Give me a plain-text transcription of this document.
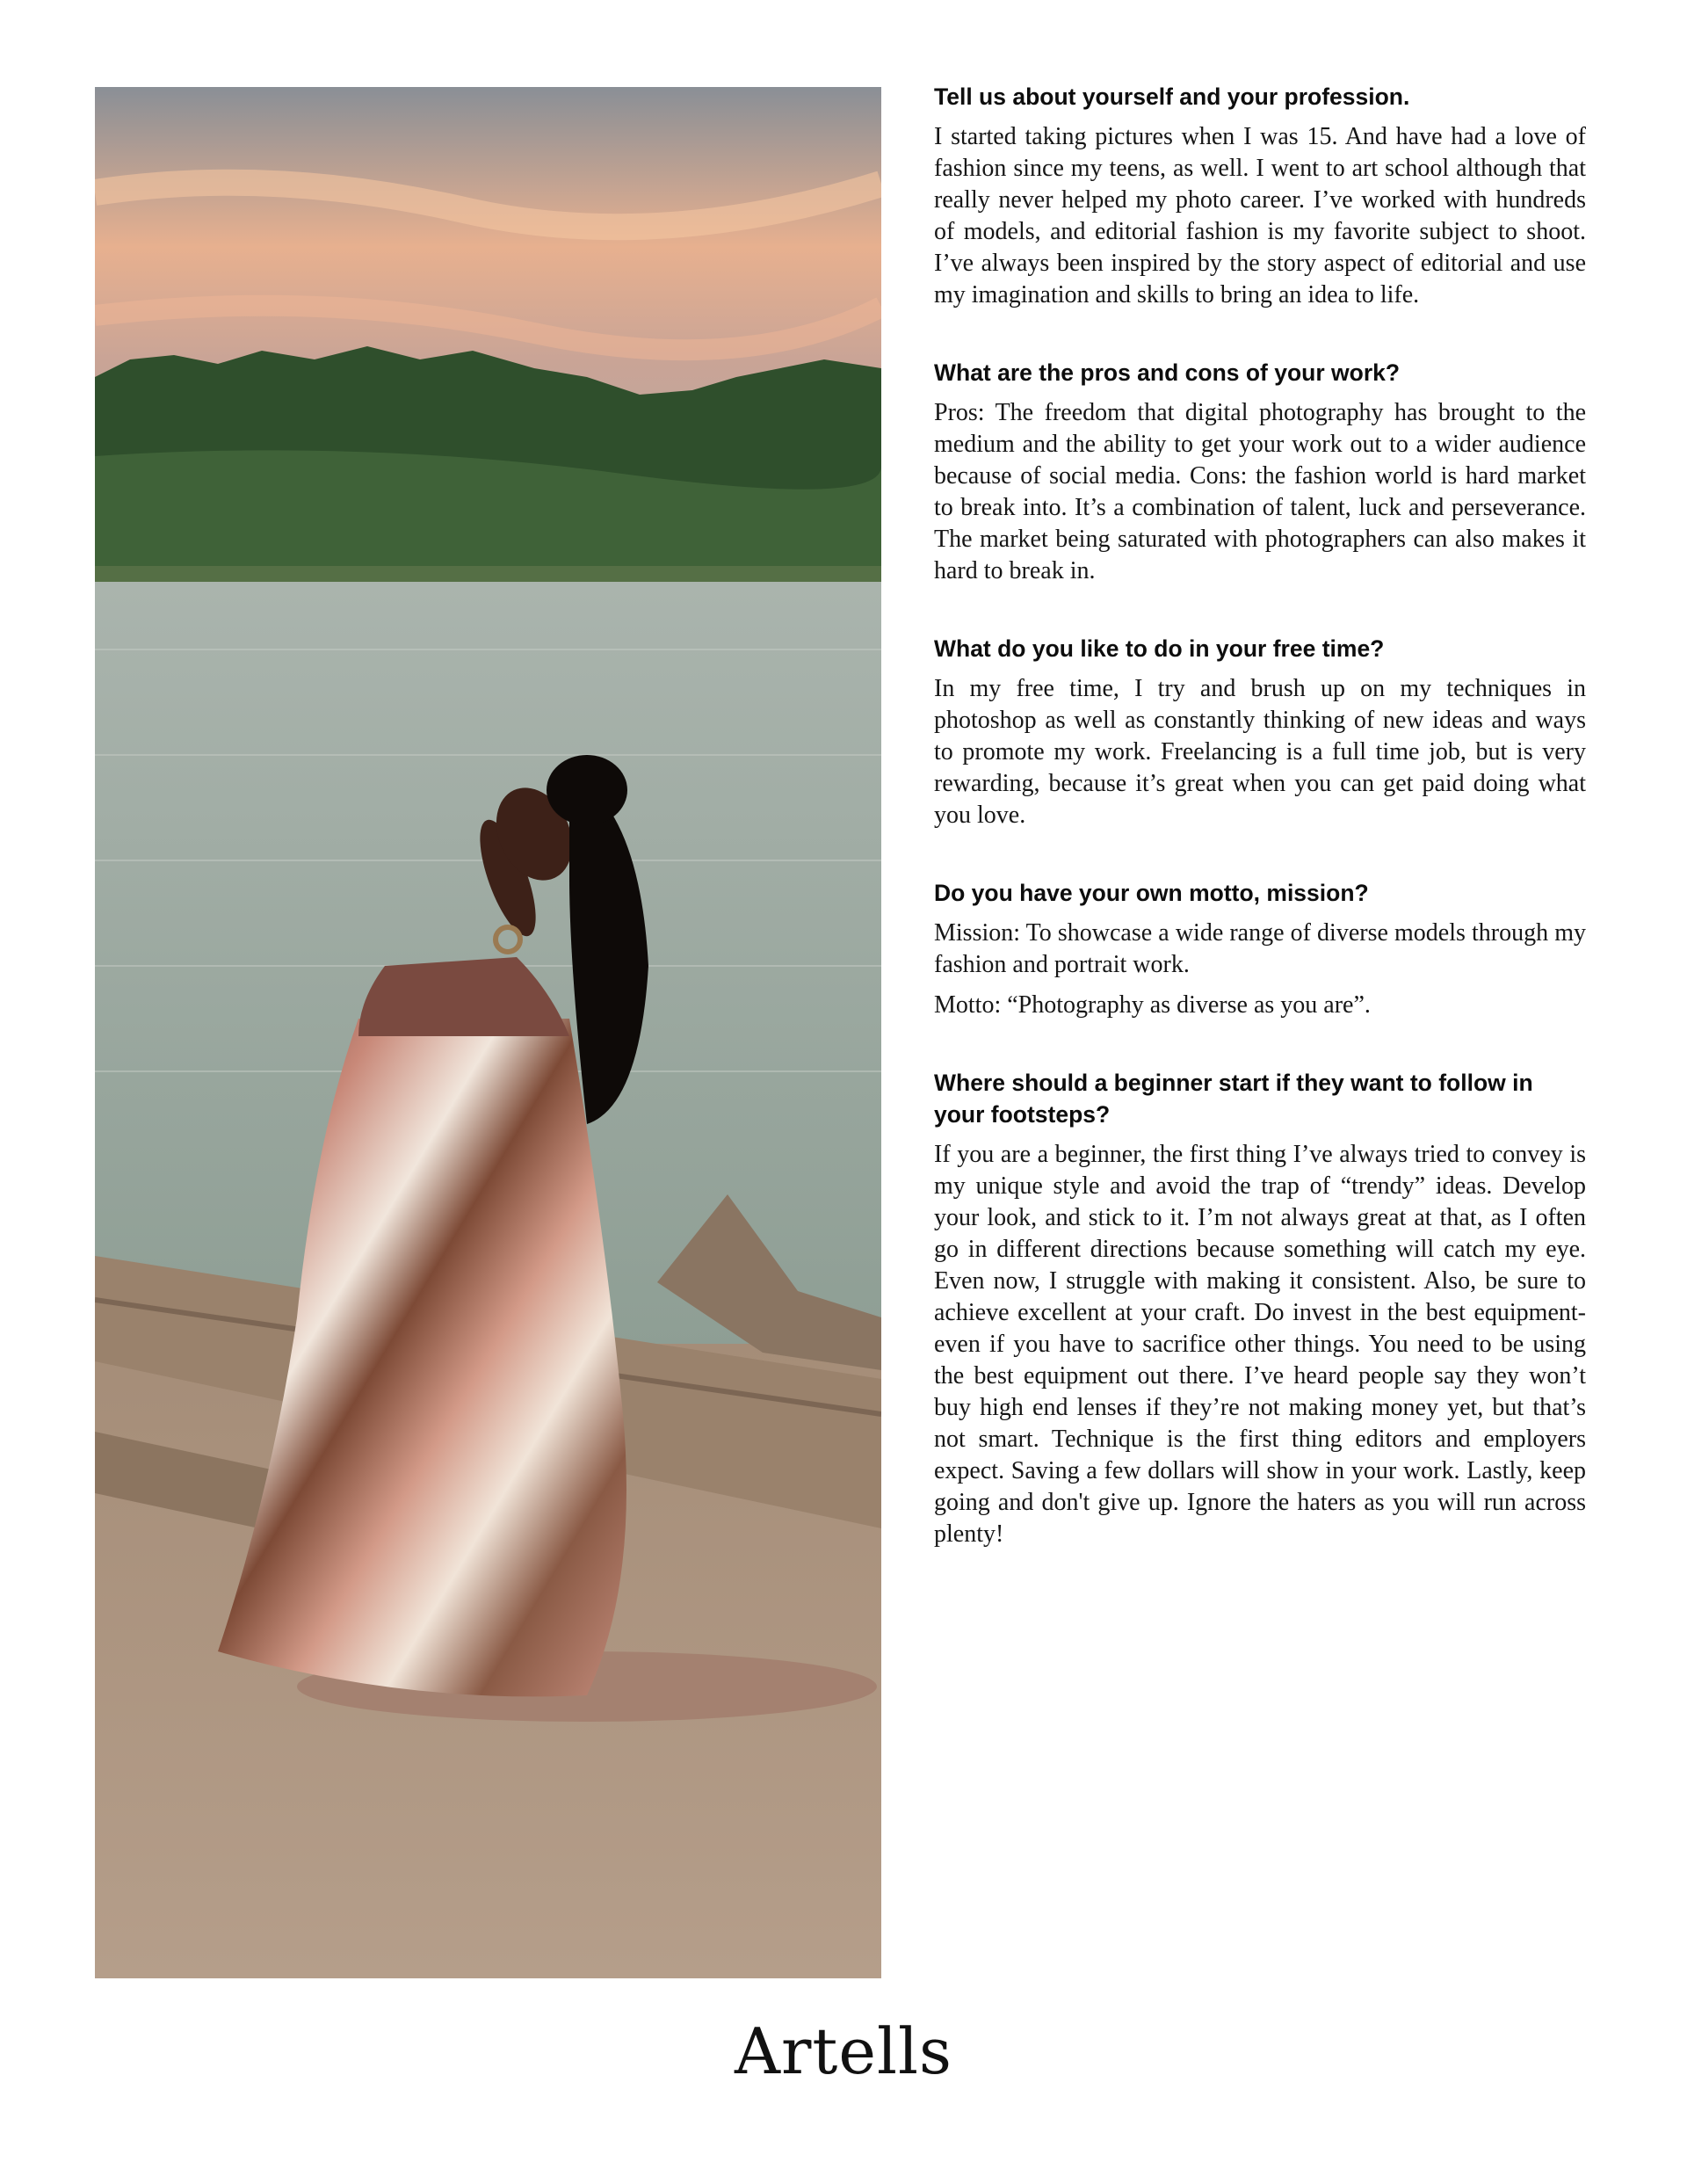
Tell us about yourself and your profession.

I started taking pictures when I was 15. And have had a love of fashion since my teens, as well. I went to art school although that really never helped my photo career. I’ve worked with hundreds of models, and editorial fashion is my favorite subject to shoot. I’ve always been inspired by the story aspect of editorial and use my imagination and skills to bring an idea to life.

What are the pros and cons of your work?

Pros: The freedom that digital photography has brought to the medium and the ability to get your work out to a wider audience because of social media. Cons: the fashion world is hard market to break into. It’s a combination of talent, luck and perseverance. The market being saturated with photographers can also makes it hard to break in.

What do you like to do in your free time?

In my free time, I try and brush up on my techniques in photoshop as well as constantly thinking of new ideas and ways to promote my work. Freelancing is a full time job, but is very rewarding, because it’s great when you can get paid doing what you love.

Do you have your own motto, mission?

Mission: To showcase a wide range of diverse models through my fashion and portrait work.

Motto: “Photography as diverse as you are”.

Where should a beginner start if they want to follow in your footsteps?

If you are a beginner, the first thing I’ve always tried to convey is my unique style and avoid the trap of “trendy” ideas. Develop your look, and stick to it. I’m not always great at that, as I often go in different directions because something will catch my eye. Even now, I struggle with making it consistent. Also, be sure to achieve excellent at your craft. Do invest in the best equipment- even if you have to sacrifice other things. You need to be using the best equipment out there. I’ve heard people say they won’t buy high end lenses if they’re not making money yet, but that’s not smart. Technique is the first thing editors and employers expect. Saving a few dollars will show in your work. Lastly, keep going and don't give up. Ignore the haters as you will run across plenty!

Artells
